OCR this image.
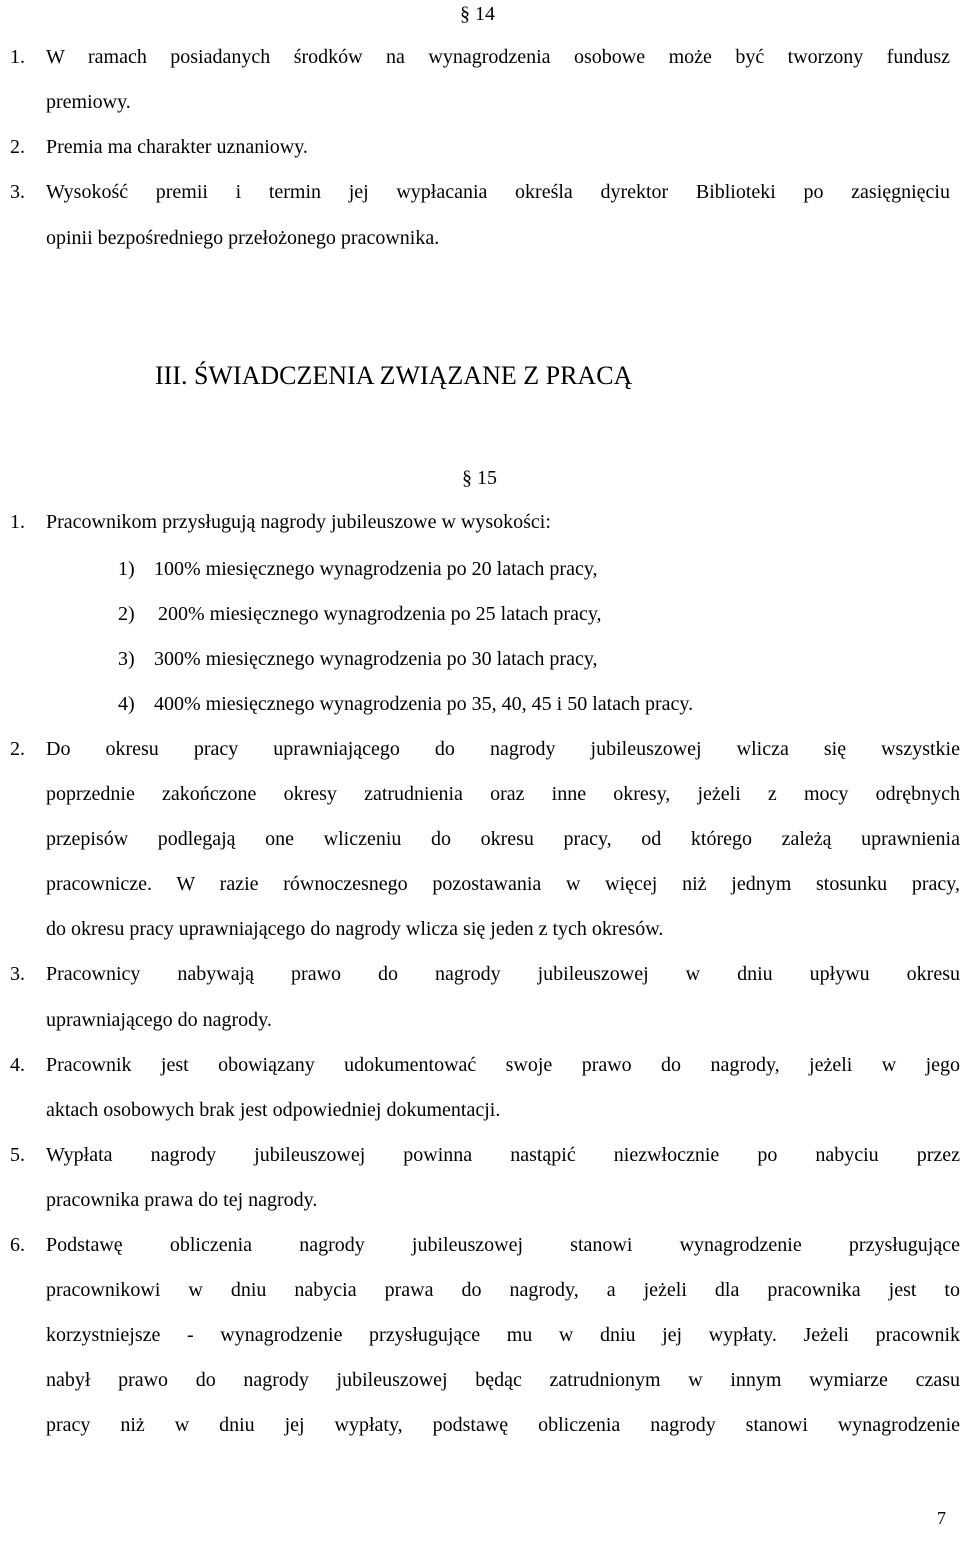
§ 14
1. W ramach posiadanych środków na wynagrodzenia osobowe może być tworzony fundusz
premiowy.
2. Premia ma charakter uznaniowy.
3. Wysokość premii i termin jej wypłacania określa dyrektor Biblioteki po zasięgnięciu
opinii bezpośredniego przełożonego pracownika.
III. ŚWIADCZENIA ZWIĄZANE Z PRACĄ
§ 15
1. Pracownikom przysługują nagrody jubileuszowe w wysokości:
1) 100% miesięcznego wynagrodzenia po 20 latach pracy,
2) 200% miesięcznego wynagrodzenia po 25 latach pracy,
3) 300% miesięcznego wynagrodzenia po 30 latach pracy,
4) 400% miesięcznego wynagrodzenia po 35, 40, 45 i 50 latach pracy.
2. Do okresu pracy uprawniającego do nagrody jubileuszowej wlicza się wszystkie
poprzednie zakończone okresy zatrudnienia oraz inne okresy, jeżeli z mocy odrębnych
przepisów podlegają one wliczeniu do okresu pracy, od którego zależą uprawnienia
pracownicze. W razie równoczesnego pozostawania w więcej niż jednym stosunku pracy,
do okresu pracy uprawniającego do nagrody wlicza się jeden z tych okresów.
3. Pracownicy nabywają prawo do nagrody jubileuszowej w dniu upływu okresu
uprawniającego do nagrody.
4. Pracownik jest obowiązany udokumentować swoje prawo do nagrody, jeżeli w jego
aktach osobowych brak jest odpowiedniej dokumentacji.
5. Wypłata nagrody jubileuszowej powinna nastąpić niezwłocznie po nabyciu przez
pracownika prawa do tej nagrody.
6. Podstawę obliczenia nagrody jubileuszowej stanowi wynagrodzenie przysługujące
pracownikowi w dniu nabycia prawa do nagrody, a jeżeli dla pracownika jest to
korzystniejsze - wynagrodzenie przysługujące mu w dniu jej wypłaty. Jeżeli pracownik
nabył prawo do nagrody jubileuszowej będąc zatrudnionym w innym wymiarze czasu
pracy niż w dniu jej wypłaty, podstawę obliczenia nagrody stanowi wynagrodzenie
7
